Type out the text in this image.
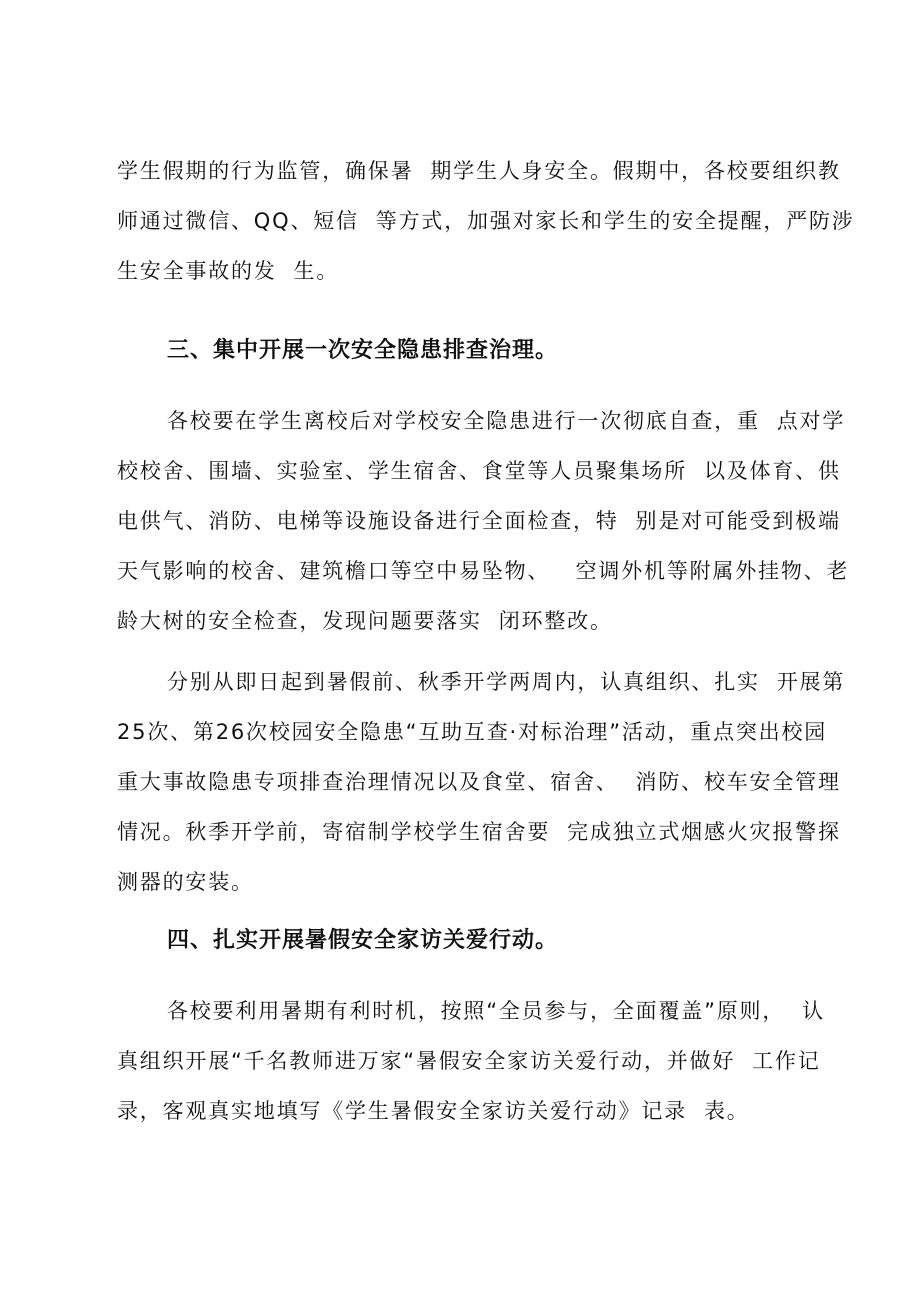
学生假期的行为监管，确保暑  期学生人身安全。假期中，各校要组织教
师通过微信、QQ、短信  等方式，加强对家长和学生的安全提醒，严防涉
生安全事故的发  生。
三、集中开展一次安全隐患排查治理。
各校要在学生离校后对学校安全隐患进行一次彻底自查，重  点对学
校校舍、围墙、实验室、学生宿舍、食堂等人员聚集场所  以及体育、供
电供气、消防、电梯等设施设备进行全面检查，特  别是对可能受到极端
天气影响的校舍、建筑檐口等空中易坠物、   空调外机等附属外挂物、老
龄大树的安全检查，发现问题要落实  闭环整改。
分别从即日起到暑假前、秋季开学两周内，认真组织、扎实  开展第
25次、第26次校园安全隐患“互助互查·对标治理”活动，重点突出校园
重大事故隐患专项排查治理情况以及食堂、宿舍、  消防、校车安全管理
情况。秋季开学前，寄宿制学校学生宿舍要  完成独立式烟感火灾报警探
测器的安装。
四、扎实开展暑假安全家访关爱行动。
各校要利用暑期有利时机，按照“全员参与，全面覆盖”原则，  认
真组织开展“千名教师进万家“暑假安全家访关爱行动，并做好  工作记
录，客观真实地填写《学生暑假安全家访关爱行动》记录  表。
